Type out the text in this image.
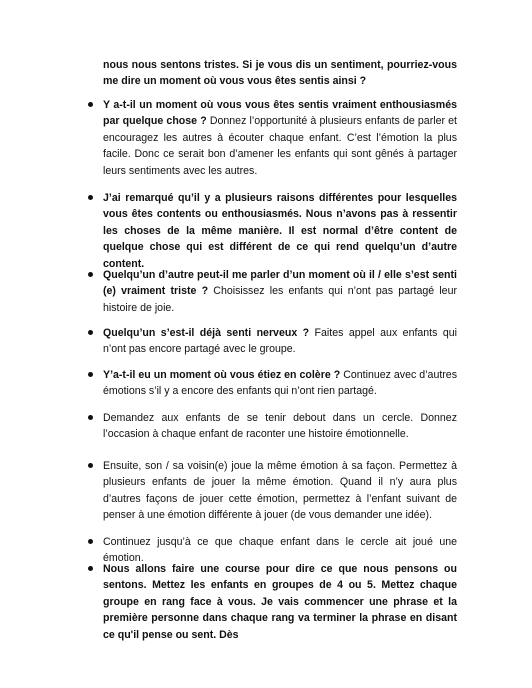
nous nous sentons tristes. Si je vous dis un sentiment, pourriez-vous me dire un moment où vous vous êtes sentis ainsi ?

Y a-t-il un moment où vous vous êtes sentis vraiment enthousiasmés par quelque chose ? Donnez l’opportunité à plusieurs enfants de parler et encouragez les autres à écouter chaque enfant. C’est l’émotion la plus facile. Donc ce serait bon d’amener les enfants qui sont gênés à partager leurs sentiments avec les autres.
J’ai remarqué qu’il y a plusieurs raisons différentes pour lesquelles vous êtes contents ou enthousiasmés. Nous n’avons pas à ressentir les choses de la même manière. Il est normal d’être content de quelque chose qui est différent de ce qui rend quelqu’un d’autre content.
Quelqu’un d’autre peut-il me parler d’un moment où il / elle s’est senti (e) vraiment triste ? Choisissez les enfants qui n’ont pas partagé leur histoire de joie.
Quelqu’un s’est-il déjà senti nerveux ? Faites appel aux enfants qui n’ont pas encore partagé avec le groupe.
Y’a-t-il eu un moment où vous étiez en colère ? Continuez avec d’autres émotions s’il y a encore des enfants qui n’ont rien partagé.
Demandez aux enfants de se tenir debout dans un cercle. Donnez l’occasion à chaque enfant de raconter une histoire émotionnelle.
Ensuite, son / sa voisin(e) joue la même émotion à sa façon. Permettez à plusieurs enfants de jouer la même émotion. Quand il n’y aura plus d’autres façons de jouer cette émotion, permettez à l’enfant suivant de penser à une émotion différente à jouer (de vous demander une idée).
Continuez jusqu’à ce que chaque enfant dans le cercle ait joué une émotion.
Nous allons faire une course pour dire ce que nous pensons ou sentons. Mettez les enfants en groupes de 4 ou 5. Mettez chaque groupe en rang face à vous. Je vais commencer une phrase et la première personne dans chaque rang va terminer la phrase en disant ce qu'il pense ou sent. Dès
